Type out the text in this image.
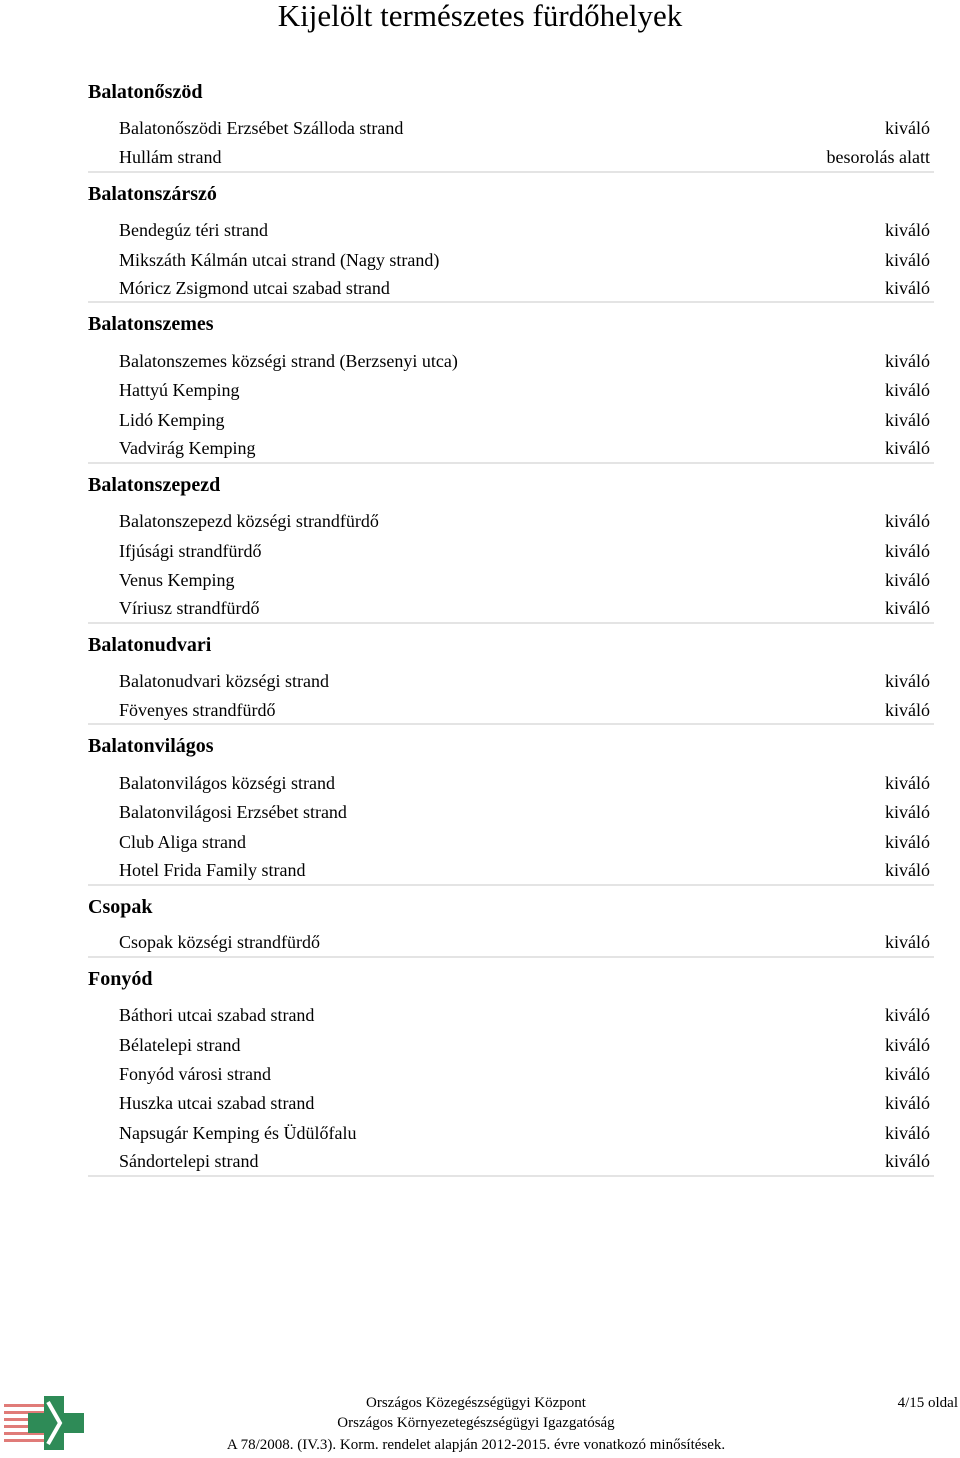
Kijelölt természetes fürdőhelyek
Balatonőszöd
Balatonőszödi Erzsébet Szálloda strand	kiváló
Hullám strand	besorolás alatt
Balatonszárszó
Bendegúz téri strand	kiváló
Mikszáth Kálmán utcai strand (Nagy strand)	kiváló
Móricz Zsigmond utcai szabad strand	kiváló
Balatonszemes
Balatonszemes községi strand (Berzsenyi utca)	kiváló
Hattyú Kemping	kiváló
Lidó Kemping	kiváló
Vadvirág Kemping	kiváló
Balatonszepezd
Balatonszepezd községi strandfürdő	kiváló
Ifjúsági strandfürdő	kiváló
Venus Kemping	kiváló
Víriusz strandfürdő	kiváló
Balatonudvari
Balatonudvari községi strand	kiváló
Fövenyes strandfürdő	kiváló
Balatonvilágos
Balatonvilágos községi strand	kiváló
Balatonvilágosi Erzsébet strand	kiváló
Club Aliga strand	kiváló
Hotel Frida Family strand	kiváló
Csopak
Csopak községi strandfürdő	kiváló
Fonyód
Báthori utcai szabad strand	kiváló
Bélatelepi strand	kiváló
Fonyód városi strand	kiváló
Huszka utcai szabad strand	kiváló
Napsugár Kemping és Üdülőfalu	kiváló
Sándortelepi strand	kiváló
Országos Közegészségügyi Központ
Országos Környezetegészségügyi Igazgatóság
A 78/2008. (IV.3). Korm. rendelet alapján 2012-2015. évre vonatkozó minősítések.
4/15 oldal
